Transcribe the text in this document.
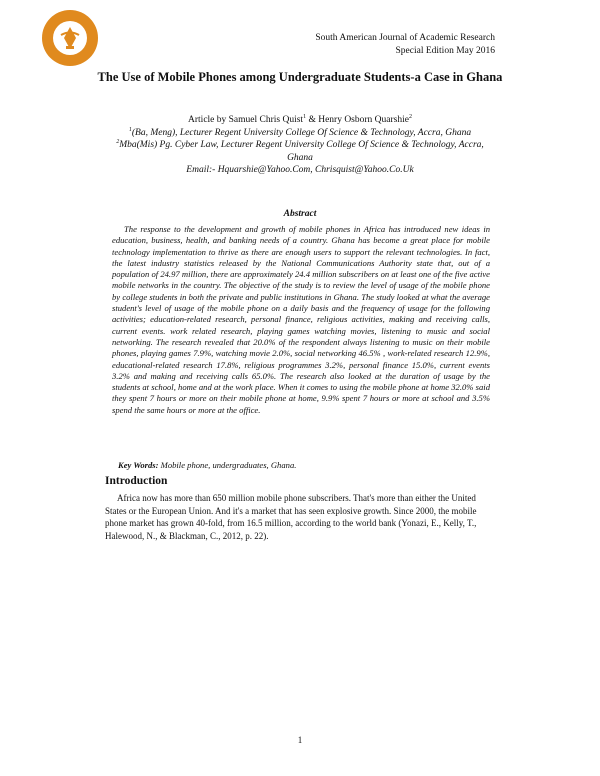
South American Journal of Academic Research
Special Edition May 2016
The Use of Mobile Phones among Undergraduate Students-a Case in Ghana
Article by Samuel Chris Quist$^1$ & Henry Osborn Quarshie$^2$
$^1$(Ba, Meng), Lecturer Regent University College Of Science & Technology, Accra, Ghana
$^2$Mba(Mis) Pg. Cyber Law, Lecturer Regent University College Of Science & Technology, Accra, Ghana
Email:- Hquarshie@Yahoo.Com, Chrisquist@Yahoo.Co.Uk
Abstract

The response to the development and growth of mobile phones in Africa has introduced new ideas in education, business, health, and banking needs of a country. Ghana has become a great place for mobile technology implementation to thrive as there are enough users to support the relevant technologies. In fact, the latest industry statistics released by the National Communications Authority state that, out of a population of 24.97 million, there are approximately 24.4 million subscribers on at least one of the five active mobile networks in the country. The objective of the study is to review the level of usage of the mobile phone by college students in both the private and public institutions in Ghana. The study looked at what the average student's level of usage of the mobile phone on a daily basis and the frequency of usage for the following activities; education-related research, personal finance, religious activities, making and receiving calls, current events. work related research, playing games watching movies, listening to music and social networking. The research revealed that 20.0% of the respondent always listening to music on their mobile phones, playing games 7.9%, watching movie 2.0%, social networking 46.5% , work-related research 12.9%, educational-related research 17.8%, religious programmes 3.2%, personal finance 15.0%, current events 3.2% and making and receiving calls 65.0%. The research also looked at the duration of usage by the students at school, home and at the work place. When it comes to using the mobile phone at home 32.0% said they spent 7 hours or more on their mobile phone at home, 9.9% spent 7 hours or more at school and 3.5% spend the same hours or more at the office.

Key Words: Mobile phone, undergraduates, Ghana.
Introduction

Africa now has more than 650 million mobile phone subscribers. That's more than either the United States or the European Union. And it's a market that has seen explosive growth. Since 2000, the mobile phone market has grown 40-fold, from 16.5 million, according to the world bank (Yonazi, E., Kelly, T., Halewood, N., & Blackman, C., 2012, p. 22).

1
